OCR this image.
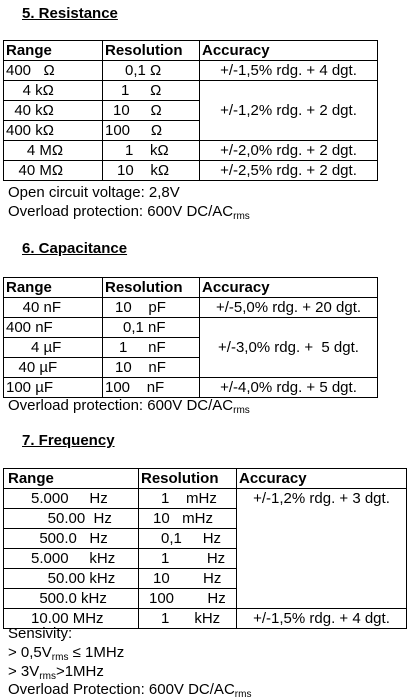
5. Resistance
Range	Resolution	Accuracy
400   Ω	0,1 Ω	+/-1,5% rdg. + 4 dgt.
4 kΩ	1     Ω	+/-1,2% rdg. + 2 dgt.
40 kΩ	10     Ω	
400 kΩ	100     Ω	
4 MΩ	1    kΩ	+/-2,0% rdg. + 2 dgt.
40 MΩ	10    kΩ	+/-2,5% rdg. + 2 dgt.
Open circuit voltage: 2,8V
Overload protection: 600V $DC/AC_{rms}$
6. Capacitance
Range	Resolution	Accuracy
40 nF	10    pF	+/-5,0% rdg. + 20 dgt.
400 nF	0,1 nF	+/-3,0% rdg. +  5 dgt.
4 µF	1     nF	
40 µF	10    nF	
100 µF	100    nF	+/-4,0% rdg. + 5 dgt.
Overload protection: 600V $DC/AC_{rms}$
7. Frequency
Range	Resolution	Accuracy
5.000     Hz	1    mHz	+/-1,2% rdg. + 3 dgt.
50.00  Hz	10   mHz	
500.0   Hz	0,1     Hz	
5.000     kHz	1         Hz	
50.00 kHz	10        Hz	
500.0 kHz	100        Hz	
10.00 MHz	1      kHz	+/-1,5% rdg. + 4 dgt.
Sensivity:
> $0,5V_{rms} \le 1MHz$
> $3V_{rms}>1MHz$
Overload Protection: 600V $DC/AC_{rms}$
